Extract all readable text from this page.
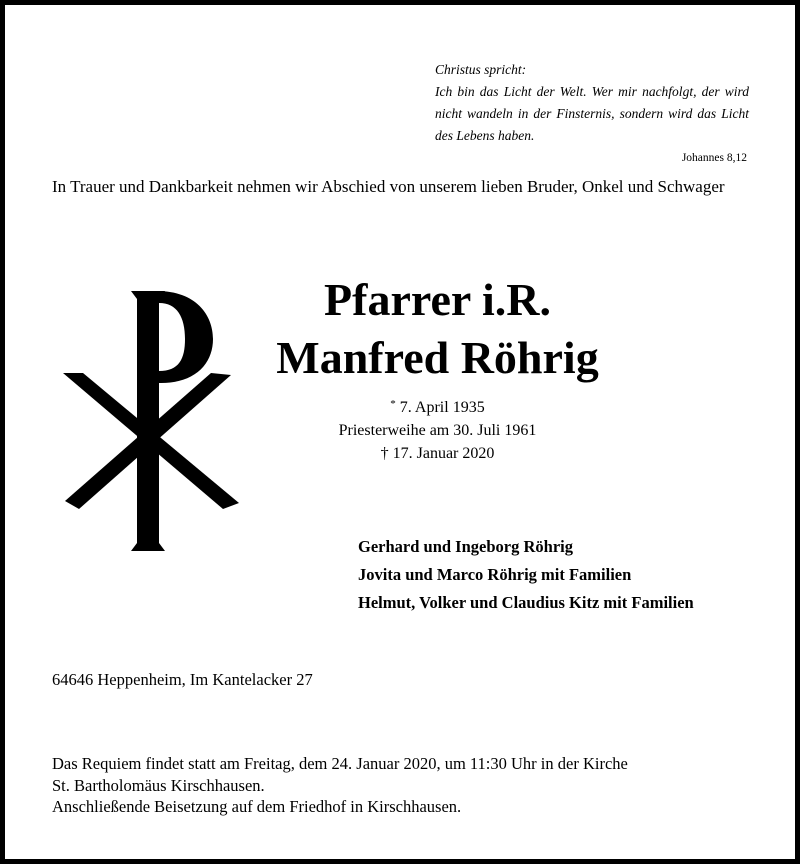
Christus spricht:
Ich bin das Licht der Welt. Wer mir nachfolgt, der wird nicht wandeln in der Finsternis, sondern wird das Licht des Lebens haben.
Johannes 8,12
In Trauer und Dankbarkeit nehmen wir Abschied von unserem lieben Bruder, Onkel und Schwager
Pfarrer i.R.
Manfred Röhrig
* 7. April 1935
Priesterweihe am 30. Juli 1961
† 17. Januar 2020
Gerhard und Ingeborg Röhrig
Jovita und Marco Röhrig mit Familien
Helmut, Volker und Claudius Kitz mit Familien
64646 Heppenheim, Im Kantelacker 27
Das Requiem findet statt am Freitag, dem 24. Januar 2020, um 11:30 Uhr in der Kirche
St. Bartholomäus Kirschhausen.
Anschließende Beisetzung auf dem Friedhof in Kirschhausen.
